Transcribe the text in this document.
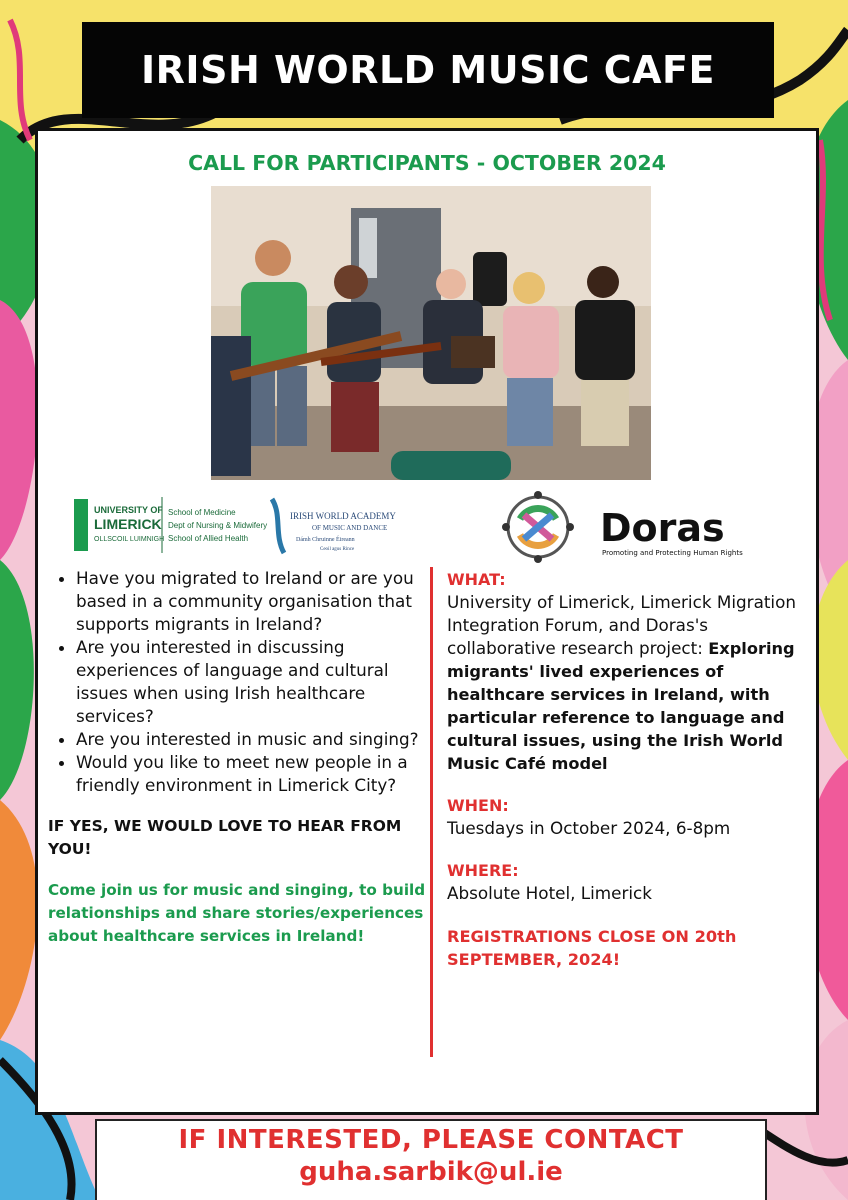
IRISH WORLD MUSIC CAFE
CALL FOR PARTICIPANTS - OCTOBER 2024
UNIVERSITY OF
LIMERICK
OLLSCOIL LUIMNIGH
School of Medicine
Dept of Nursing & Midwifery
School of Allied Health
IRISH WORLD ACADEMY
OF MUSIC AND DANCE
Dámh Chruinne Éireann
Ceoil agus Rince	Doras
Promoting and Protecting Human Rights
• Have you migrated to Ireland or are you based in a community organisation that supports migrants in Ireland?
• Are you interested in discussing experiences of language and cultural issues when using Irish healthcare services?
• Are you interested in music and singing?
• Would you like to meet new people in a friendly environment in Limerick City?
IF YES, WE WOULD LOVE TO HEAR FROM YOU!
Come join us for music and singing, to build relationships and share stories/experiences about healthcare services in Ireland!
WHAT:
University of Limerick, Limerick Migration Integration Forum, and Doras's collaborative research project: Exploring migrants' lived experiences of healthcare services in Ireland, with particular reference to language and cultural issues, using the Irish World Music Café model
WHEN:
Tuesdays in October 2024, 6-8pm
WHERE:
Absolute Hotel, Limerick
REGISTRATIONS CLOSE ON 20th SEPTEMBER, 2024!
IF INTERESTED, PLEASE CONTACT
guha.sarbik@ul.ie
